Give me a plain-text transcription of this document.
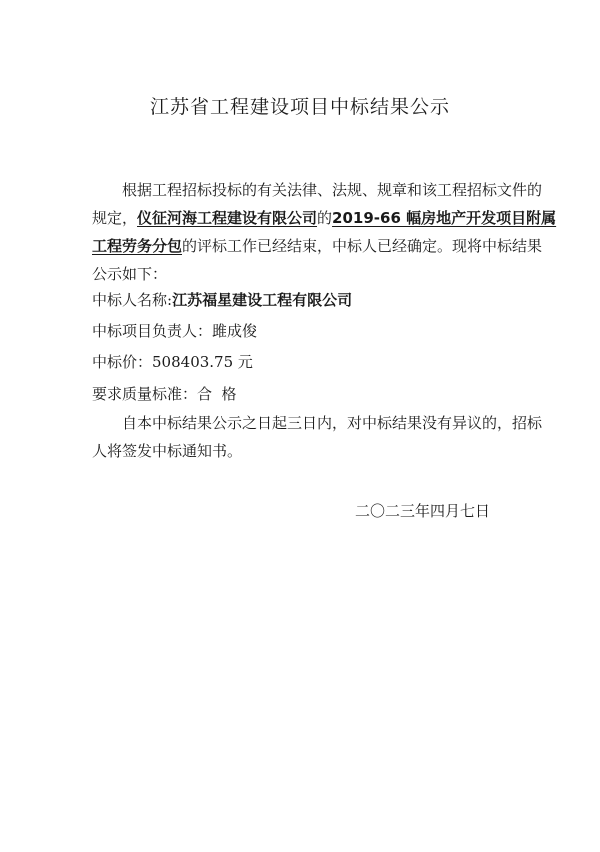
江苏省工程建设项目中标结果公示
根据工程招标投标的有关法律、法规、规章和该工程招标文件的
规定，仪征河海工程建设有限公司的2019-66 幅房地产开发项目附属
工程劳务分包的评标工作已经结束，中标人已经确定。现将中标结果
公示如下：
中标人名称:江苏福星建设工程有限公司
中标项目负责人：雎成俊
中标价：508403.75 元
要求质量标准：合  格
自本中标结果公示之日起三日内，对中标结果没有异议的，招标
人将签发中标通知书。
二〇二三年四月七日
